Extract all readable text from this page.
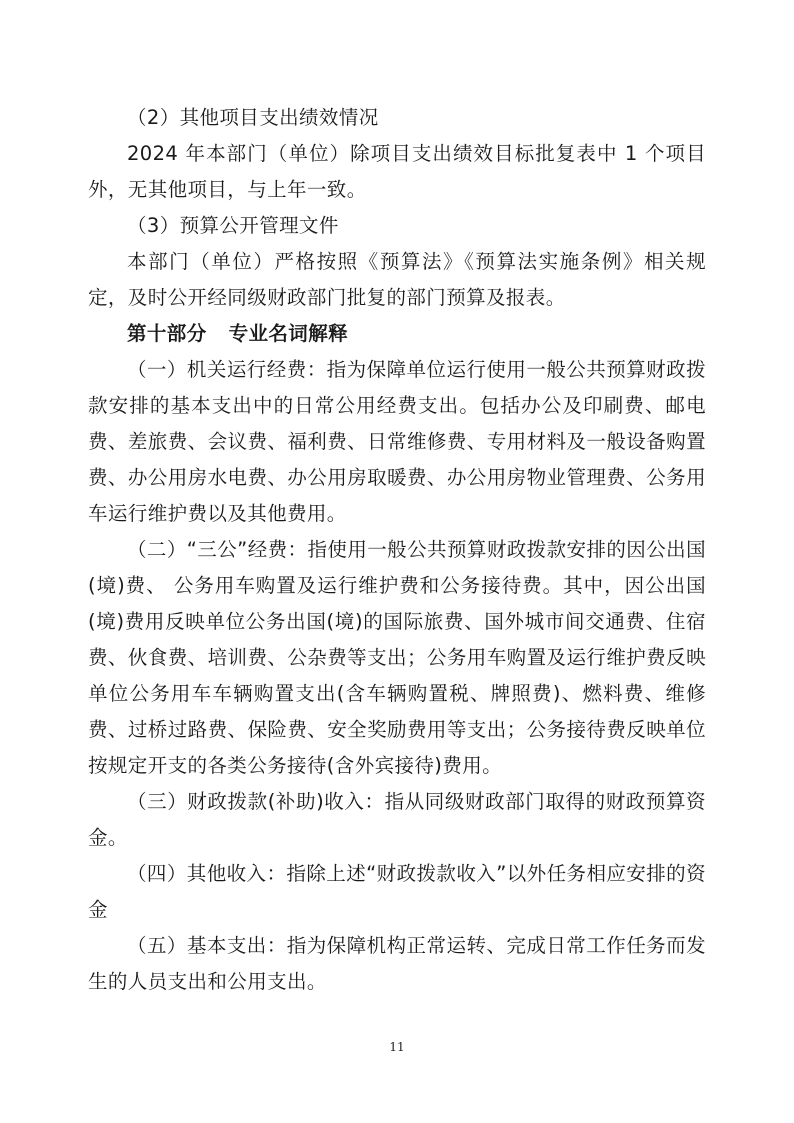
（2）其他项目支出绩效情况

2024 年本部门（单位）除项目支出绩效目标批复表中 1 个项目外，无其他项目，与上年一致。

（3）预算公开管理文件

本部门（单位）严格按照《预算法》《预算法实施条例》相关规定，及时公开经同级财政部门批复的部门预算及报表。

第十部分 专业名词解释

（一）机关运行经费：指为保障单位运行使用一般公共预算财政拨款安排的基本支出中的日常公用经费支出。包括办公及印刷费、邮电费、差旅费、会议费、福利费、日常维修费、专用材料及一般设备购置费、办公用房水电费、办公用房取暖费、办公用房物业管理费、公务用车运行维护费以及其他费用。

（二）“三公”经费：指使用一般公共预算财政拨款安排的因公出国(境)费、 公务用车购置及运行维护费和公务接待费。其中，因公出国(境)费用反映单位公务出国(境)的国际旅费、国外城市间交通费、住宿费、伙食费、培训费、公杂费等支出；公务用车购置及运行维护费反映单位公务用车车辆购置支出(含车辆购置税、牌照费)、燃料费、维修费、过桥过路费、保险费、安全奖励费用等支出；公务接待费反映单位按规定开支的各类公务接待(含外宾接待)费用。

（三）财政拨款(补助)收入：指从同级财政部门取得的财政预算资金。

（四）其他收入：指除上述“财政拨款收入”以外任务相应安排的资金

（五）基本支出：指为保障机构正常运转、完成日常工作任务而发生的人员支出和公用支出。

11
